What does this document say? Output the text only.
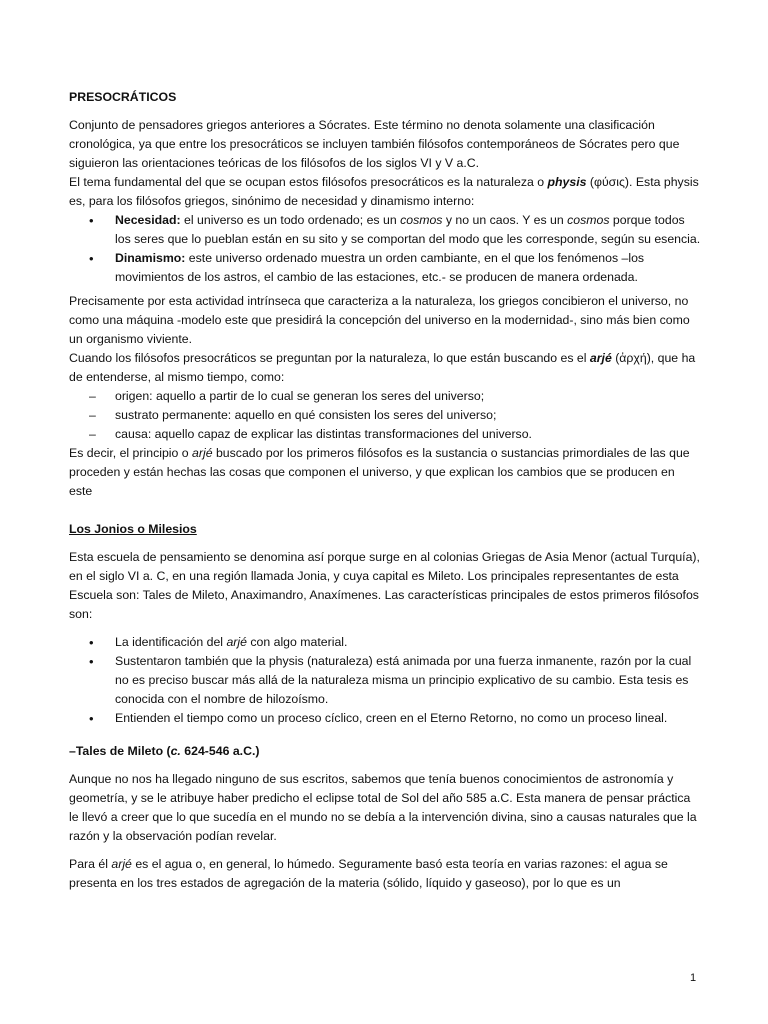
PRESOCRÁTICOS

Conjunto de pensadores griegos anteriores a Sócrates. Este término no denota solamente una clasificación cronológica, ya que entre los presocráticos se incluyen también filósofos contemporáneos de Sócrates pero que siguieron las orientaciones teóricas de los filósofos de los siglos VI y V a.C.

El tema fundamental del que se ocupan estos filósofos presocráticos es la naturaleza o physis (φύσις). Esta physis es, para los filósofos griegos, sinónimo de necesidad y dinamismo interno:

• Necesidad: el universo es un todo ordenado; es un cosmos y no un caos. Y es un cosmos porque todos los seres que lo pueblan están en su sito y se comportan del modo que les corresponde, según su esencia.
• Dinamismo: este universo ordenado muestra un orden cambiante, en el que los fenómenos –los movimientos de los astros, el cambio de las estaciones, etc.- se producen de manera ordenada.

Precisamente por esta actividad intrínseca que caracteriza a la naturaleza, los griegos concibieron el universo, no como una máquina -modelo este que presidirá la concepción del universo en la modernidad-, sino más bien como un organismo viviente.

Cuando los filósofos presocráticos se preguntan por la naturaleza, lo que están buscando es el arjé (ἀρχή), que ha de entenderse, al mismo tiempo, como:

– origen: aquello a partir de lo cual se generan los seres del universo;
– sustrato permanente: aquello en qué consisten los seres del universo;
– causa: aquello capaz de explicar las distintas transformaciones del universo.

Es decir, el principio o arjé buscado por los primeros filósofos es la sustancia o sustancias primordiales de las que proceden y están hechas las cosas que componen el universo, y que explican los cambios que se producen en este

Los Jonios o Milesios

Esta escuela de pensamiento se denomina así porque surge en al colonias Griegas de Asia Menor (actual Turquía), en el siglo VI a. C, en una región llamada Jonia, y cuya capital es Mileto. Los principales representantes de esta Escuela son: Tales de Mileto, Anaximandro, Anaxímenes. Las características principales de estos primeros filósofos son:

• La identificación del arjé con algo material.
• Sustentaron también que la physis (naturaleza) está animada por una fuerza inmanente, razón por la cual no es preciso buscar más allá de la naturaleza misma un principio explicativo de su cambio. Esta tesis es conocida con el nombre de hilozoísmo.
• Entienden el tiempo como un proceso cíclico, creen en el Eterno Retorno, no como un proceso lineal.

–Tales de Mileto (c. 624-546 a.C.)

Aunque no nos ha llegado ninguno de sus escritos, sabemos que tenía buenos conocimientos de astronomía y geometría, y se le atribuye haber predicho el eclipse total de Sol del año 585 a.C. Esta manera de pensar práctica le llevó a creer que lo que sucedía en el mundo no se debía a la intervención divina, sino a causas naturales que la razón y la observación podían revelar.

Para él arjé es el agua o, en general, lo húmedo. Seguramente basó esta teoría en varias razones: el agua se presenta en los tres estados de agregación de la materia (sólido, líquido y gaseoso), por lo que es un

1
